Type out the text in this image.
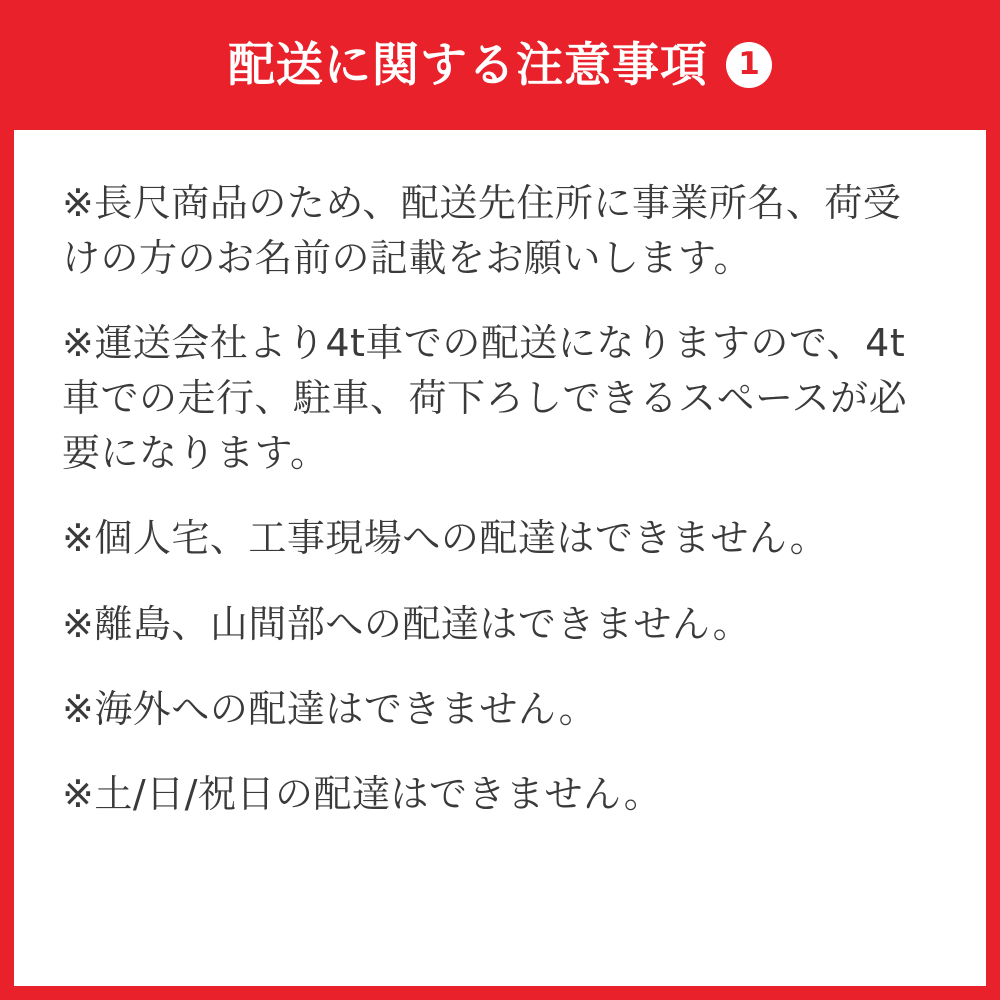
配送に関する注意事項 1

※長尺商品のため、配送先住所に事業所名、荷受けの方のお名前の記載をお願いします。

※運送会社より4t車での配送になりますので、4t車での走行、駐車、荷下ろしできるスペースが必要になります。

※個人宅、工事現場への配達はできません。

※離島、山間部への配達はできません。

※海外への配達はできません。

※土/日/祝日の配達はできません。
